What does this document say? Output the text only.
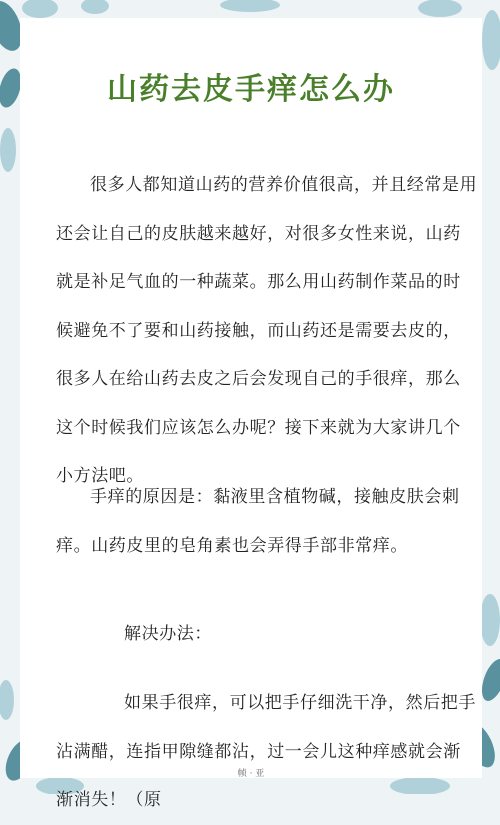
山药去皮手痒怎么办
很多人都知道山药的营养价值很高，并且经常是用还会让自己的皮肤越来越好，对很多女性来说，山药就是补足气血的一种蔬菜。那么用山药制作菜品的时候避免不了要和山药接触，而山药还是需要去皮的，很多人在给山药去皮之后会发现自己的手很痒，那么这个时候我们应该怎么办呢？接下来就为大家讲几个小方法吧。
手痒的原因是：黏液里含植物碱，接触皮肤会刺痒。山药皮里的皂角素也会弄得手部非常痒。
解决办法：
如果手很痒，可以把手仔细洗干净，然后把手沾满醋，连指甲隙缝都沾，过一会儿这种痒感就会渐渐消失！（原
帧 · 亚
